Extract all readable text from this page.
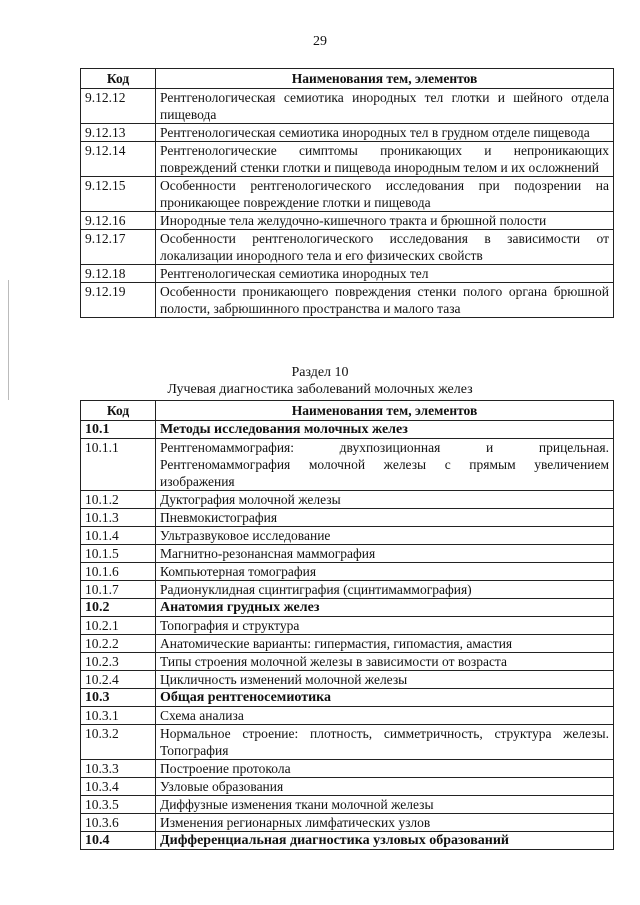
29
Код	Наименования тем, элементов
9.12.12	Рентгенологическая семиотика инородных тел глотки и шейного отдела пищевода
9.12.13	Рентгенологическая семиотика инородных тел в грудном отделе пищевода
9.12.14	Рентгенологические симптомы проникающих и непроникающих повреждений стенки глотки и пищевода инородным телом и их осложнений
9.12.15	Особенности рентгенологического исследования при подозрении на проникающее повреждение глотки и пищевода
9.12.16	Инородные тела желудочно-кишечного тракта и брюшной полости
9.12.17	Особенности рентгенологического исследования в зависимости от локализации инородного тела и его физических свойств
9.12.18	Рентгенологическая семиотика инородных тел
9.12.19	Особенности проникающего повреждения стенки полого органа брюшной полости, забрюшинного пространства и малого таза
Раздел 10
Лучевая диагностика заболеваний молочных желез
Код	Наименования тем, элементов
10.1	Методы исследования молочных желез
10.1.1	Рентгеномаммография: двухпозиционная и прицельная. Рентгеномаммография молочной железы с прямым увеличением изображения
10.1.2	Дуктография молочной железы
10.1.3	Пневмокистография
10.1.4	Ультразвуковое исследование
10.1.5	Магнитно-резонансная маммография
10.1.6	Компьютерная томография
10.1.7	Радионуклидная сцинтиграфия (сцинтимаммография)
10.2	Анатомия грудных желез
10.2.1	Топография и структура
10.2.2	Анатомические варианты: гипермастия, гипомастия, амастия
10.2.3	Типы строения молочной железы в зависимости от возраста
10.2.4	Цикличность изменений молочной железы
10.3	Общая рентгеносемиотика
10.3.1	Схема анализа
10.3.2	Нормальное строение: плотность, симметричность, структура железы. Топография
10.3.3	Построение протокола
10.3.4	Узловые образования
10.3.5	Диффузные изменения ткани молочной железы
10.3.6	Изменения регионарных лимфатических узлов
10.4	Дифференциальная диагностика узловых образований
